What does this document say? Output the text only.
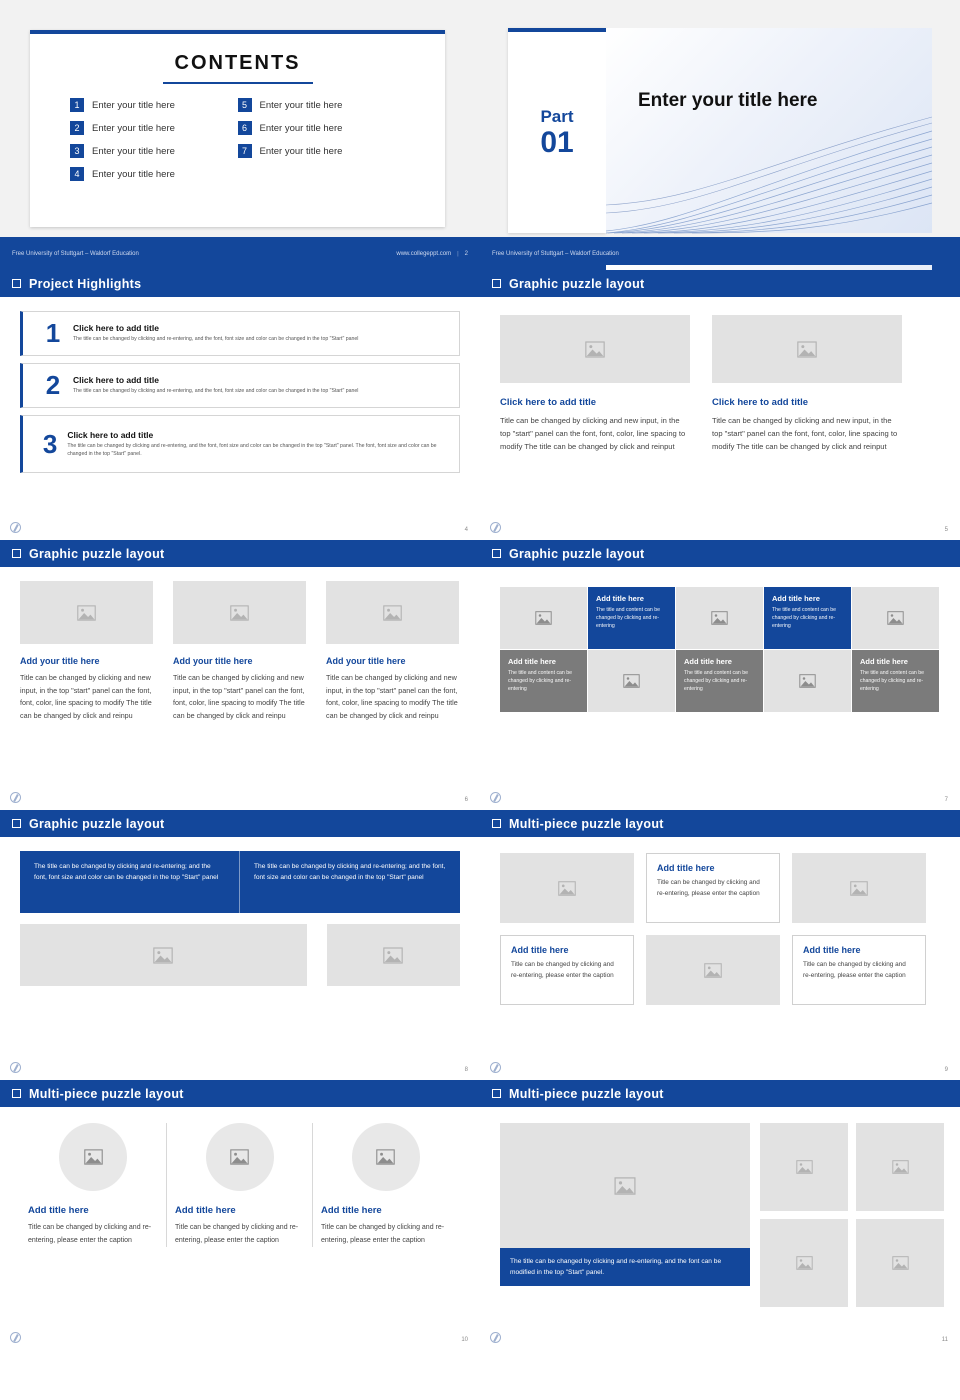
CONTENTS
1	Enter your title here
2	Enter your title here
3	Enter your title here
4	Enter your title here
5	Enter your title here
6	Enter your title here
7	Enter your title here
Free University of Stuttgart – Waldorf Education	www.collegeppt.com | 2
Part
01
Enter your title here
Free University of Stuttgart – Waldorf Education
Project Highlights
1	Click here to add title

The title can be changed by clicking and re-entering, and the font, font size and color can be changed in the top "Start" panel

2	Click here to add title

The title can be changed by clicking and re-entering, and the font, font size and color can be changed in the top "Start" panel

3	Click here to add title

The title can be changed by clicking and re-entering, and the font, font size and color can be changed in the top "Start" panel. The font, font size and color can be changed in the top "Start" panel.

4
Graphic puzzle layout
Click here to add title

Title can be changed by clicking and new input, in the top "start" panel can the font, font, color, line spacing to modify The title can be changed by click and reinput

Click here to add title

Title can be changed by clicking and new input, in the top "start" panel can the font, font, color, line spacing to modify The title can be changed by click and reinput

5
Graphic puzzle layout
Add your title here

Title can be changed by clicking and new input, in the top "start" panel can the font, font, color, line spacing to modify The title can be changed by click and reinpu

Add your title here

Title can be changed by clicking and new input, in the top "start" panel can the font, font, color, line spacing to modify The title can be changed by click and reinpu

Add your title here

Title can be changed by clicking and new input, in the top "start" panel can the font, font, color, line spacing to modify The title can be changed by click and reinpu

6
Graphic puzzle layout
Add title here

The title and content can be changed by clicking and re-entering

Add title here

The title and content can be changed by clicking and re-entering

Add title here

The title and content can be changed by clicking and re-entering

Add title here

The title and content can be changed by clicking and re-entering

Add title here

The title and content can be changed by clicking and re-entering

7
Graphic puzzle layout
The title can be changed by clicking and re-entering; and the font, font size and color can be changed in the top "Start" panel
The title can be changed by clicking and re-entering; and the font, font size and color can be changed in the top "Start" panel
8
Multi-piece puzzle layout
Add title here

Title can be changed by clicking and re-entering, please enter the caption

Add title here

Title can be changed by clicking and re-entering, please enter the caption

Add title here

Title can be changed by clicking and re-entering, please enter the caption

9
Multi-piece puzzle layout
Add title here

Title can be changed by clicking and re-entering, please enter the caption

Add title here

Title can be changed by clicking and re-entering, please enter the caption

Add title here

Title can be changed by clicking and re-entering, please enter the caption

10
Multi-piece puzzle layout
The title can be changed by clicking and re-entering, and the font can be modified in the top "Start" panel.
11
